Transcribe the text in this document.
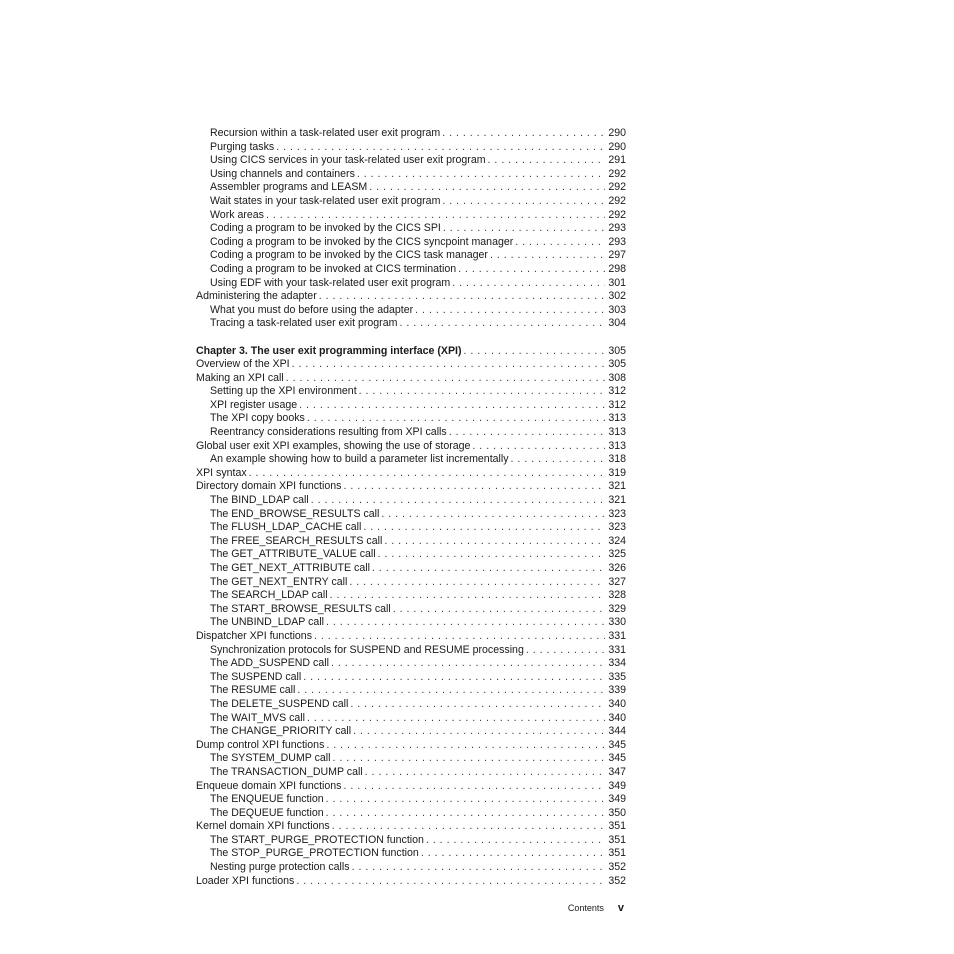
Recursion within a task-related user exit program . . .	290
Purging tasks . . .	290
Using CICS services in your task-related user exit program . . .	291
Using channels and containers . . .	292
Assembler programs and LEASM . . .	292
Wait states in your task-related user exit program . . .	292
Work areas . . .	292
Coding a program to be invoked by the CICS SPI . . .	293
Coding a program to be invoked by the CICS syncpoint manager . . .	293
Coding a program to be invoked by the CICS task manager . . .	297
Coding a program to be invoked at CICS termination . . .	298
Using EDF with your task-related user exit program . . .	301
Administering the adapter . . .	302
What you must do before using the adapter . . .	303
Tracing a task-related user exit program . . .	304
Chapter 3. The user exit programming interface (XPI) . . .	305
Overview of the XPI . . .	305
Making an XPI call . . .	308
Setting up the XPI environment . . .	312
XPI register usage . . .	312
The XPI copy books . . .	313
Reentrancy considerations resulting from XPI calls . . .	313
Global user exit XPI examples, showing the use of storage . . .	313
An example showing how to build a parameter list incrementally . . .	318
XPI syntax . . .	319
Directory domain XPI functions . . .	321
The BIND_LDAP call . . .	321
The END_BROWSE_RESULTS call . . .	323
The FLUSH_LDAP_CACHE call . . .	323
The FREE_SEARCH_RESULTS call . . .	324
The GET_ATTRIBUTE_VALUE call . . .	325
The GET_NEXT_ATTRIBUTE call . . .	326
The GET_NEXT_ENTRY call . . .	327
The SEARCH_LDAP call . . .	328
The START_BROWSE_RESULTS call . . .	329
The UNBIND_LDAP call . . .	330
Dispatcher XPI functions . . .	331
Synchronization protocols for SUSPEND and RESUME processing . . .	331
The ADD_SUSPEND call . . .	334
The SUSPEND call . . .	335
The RESUME call . . .	339
The DELETE_SUSPEND call . . .	340
The WAIT_MVS call . . .	340
The CHANGE_PRIORITY call . . .	344
Dump control XPI functions . . .	345
The SYSTEM_DUMP call . . .	345
The TRANSACTION_DUMP call . . .	347
Enqueue domain XPI functions . . .	349
The ENQUEUE function . . .	349
The DEQUEUE function . . .	350
Kernel domain XPI functions . . .	351
The START_PURGE_PROTECTION function . . .	351
The STOP_PURGE_PROTECTION function . . .	351
Nesting purge protection calls . . .	352
Loader XPI functions . . .	352
Contents v
